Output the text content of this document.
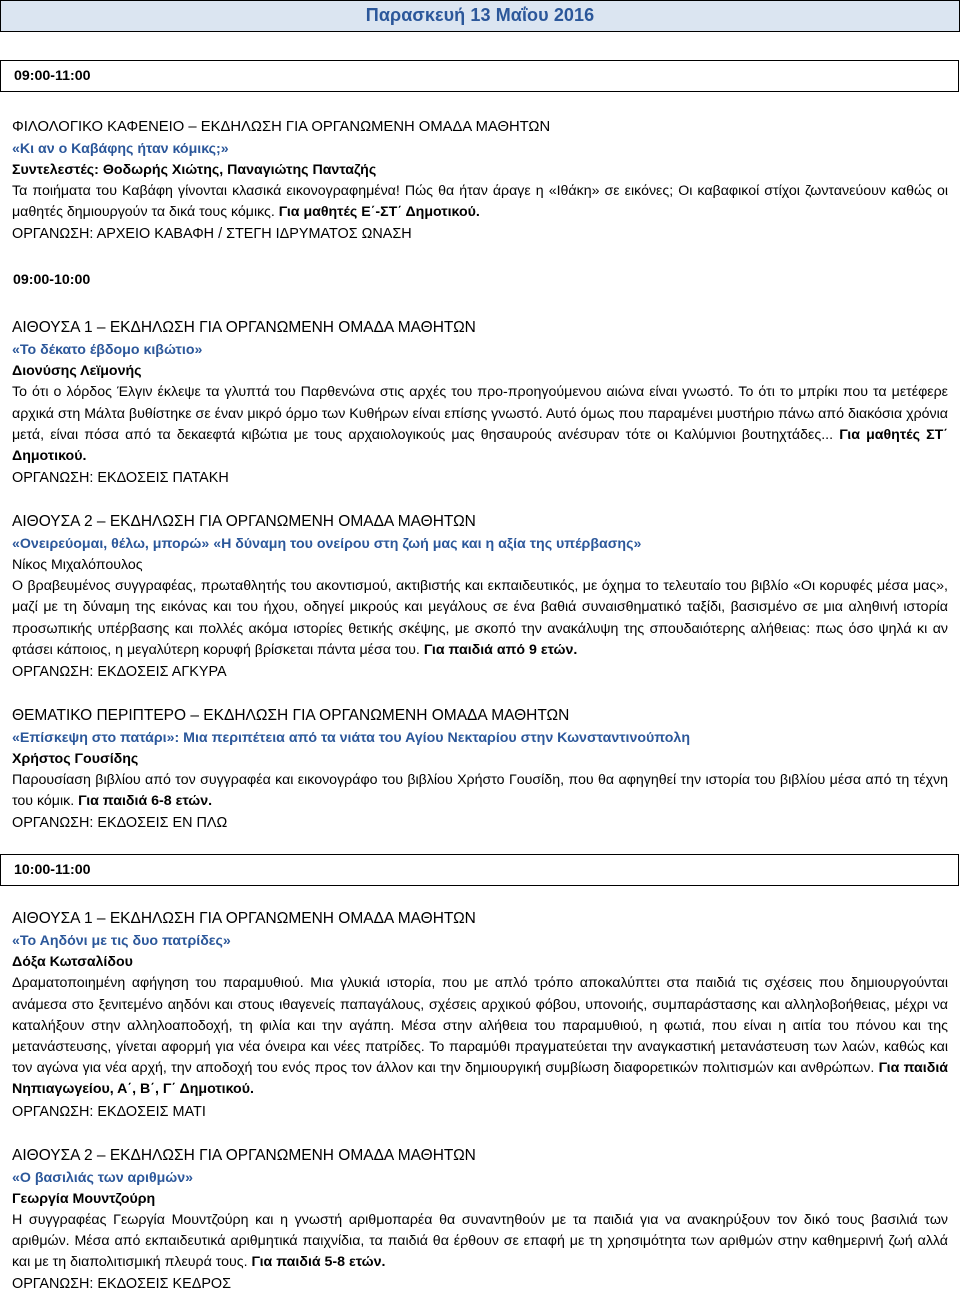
Παρασκευή 13 Μαΐου 2016
09:00-11:00
ΦΙΛΟΛΟΓΙΚΟ ΚΑΦΕΝΕΙΟ – ΕΚΔΗΛΩΣΗ ΓΙΑ ΟΡΓΑΝΩΜΕΝΗ ΟΜΑΔΑ ΜΑΘΗΤΩΝ
«Κι αν ο Καβάφης ήταν κόμικς;»
Συντελεστές: Θοδωρής Χιώτης, Παναγιώτης Πανταζής
Τα ποιήματα του Καβάφη γίνονται κλασικά εικονογραφημένα! Πώς θα ήταν άραγε η «Ιθάκη» σε εικόνες; Οι καβαφικοί στίχοι ζωντανεύουν καθώς οι μαθητές δημιουργούν τα δικά τους κόμικς. Για μαθητές Ε΄-ΣΤ΄ Δημοτικού.
ΟΡΓΑΝΩΣΗ: ΑΡΧΕΙΟ ΚΑΒΑΦΗ / ΣΤΕΓΗ ΙΔΡΥΜΑΤΟΣ ΩΝΑΣΗ
09:00-10:00
ΑΙΘΟΥΣΑ 1 – ΕΚΔΗΛΩΣΗ ΓΙΑ ΟΡΓΑΝΩΜΕΝΗ ΟΜΑΔΑ ΜΑΘΗΤΩΝ
«Το δέκατο έβδομο κιβώτιο»
Διονύσης Λεϊμονής
Το ότι ο λόρδος Έλγιν έκλεψε τα γλυπτά του Παρθενώνα στις αρχές του προ-προηγούμενου αιώνα είναι γνωστό. Το ότι το μπρίκι που τα μετέφερε αρχικά στη Μάλτα βυθίστηκε σε έναν μικρό όρμο των Κυθήρων είναι επίσης γνωστό. Αυτό όμως που παραμένει μυστήριο πάνω από διακόσια χρόνια μετά, είναι πόσα από τα δεκαεφτά κιβώτια με τους αρχαιολογικούς μας θησαυρούς ανέσυραν τότε οι Καλύμνιοι βουτηχτάδες... Για μαθητές ΣΤ΄ Δημοτικού.
ΟΡΓΑΝΩΣΗ: ΕΚΔΟΣΕΙΣ ΠΑΤΑΚΗ
ΑΙΘΟΥΣΑ 2 – ΕΚΔΗΛΩΣΗ ΓΙΑ ΟΡΓΑΝΩΜΕΝΗ ΟΜΑΔΑ ΜΑΘΗΤΩΝ
«Ονειρεύομαι, θέλω, μπορώ» «Η δύναμη του ονείρου στη ζωή μας και η αξία της υπέρβασης»
Νίκος Μιχαλόπουλος
Ο βραβευμένος συγγραφέας, πρωταθλητής του ακοντισμού, ακτιβιστής και εκπαιδευτικός, με όχημα το τελευταίο του βιβλίο «Οι κορυφές μέσα μας», μαζί με τη δύναμη της εικόνας και του ήχου, οδηγεί μικρούς και μεγάλους σε ένα βαθιά συναισθηματικό ταξίδι, βασισμένο σε μια αληθινή ιστορία προσωπικής υπέρβασης και πολλές ακόμα ιστορίες θετικής σκέψης, με σκοπό την ανακάλυψη της σπουδαιότερης αλήθειας: πως όσο ψηλά κι αν φτάσει κάποιος, η μεγαλύτερη κορυφή βρίσκεται πάντα μέσα του. Για παιδιά από 9 ετών.
ΟΡΓΑΝΩΣΗ: ΕΚΔΟΣΕΙΣ ΑΓΚΥΡΑ
ΘΕΜΑΤΙΚΟ ΠΕΡΙΠΤΕΡΟ – ΕΚΔΗΛΩΣΗ ΓΙΑ ΟΡΓΑΝΩΜΕΝΗ ΟΜΑΔΑ ΜΑΘΗΤΩΝ
«Επίσκεψη στο πατάρι»: Μια περιπέτεια από τα νιάτα του Αγίου Νεκταρίου στην Κωνσταντινούπολη
Χρήστος Γουσίδης
Παρουσίαση βιβλίου από τον συγγραφέα και εικονογράφο του βιβλίου Χρήστο Γουσίδη, που θα αφηγηθεί την ιστορία του βιβλίου μέσα από τη τέχνη του κόμικ. Για παιδιά 6-8 ετών.
ΟΡΓΑΝΩΣΗ: ΕΚΔΟΣΕΙΣ ΕΝ ΠΛΩ
10:00-11:00
ΑΙΘΟΥΣΑ 1 – ΕΚΔΗΛΩΣΗ ΓΙΑ ΟΡΓΑΝΩΜΕΝΗ ΟΜΑΔΑ ΜΑΘΗΤΩΝ
«Το Αηδόνι με τις δυο πατρίδες»
Δόξα Κωτσαλίδου
Δραματοποιημένη αφήγηση του παραμυθιού. Μια γλυκιά ιστορία, που με απλό τρόπο αποκαλύπτει στα παιδιά τις σχέσεις που δημιουργούνται ανάμεσα στο ξενιτεμένο αηδόνι και στους ιθαγενείς παπαγάλους, σχέσεις αρχικού φόβου, υπονοιής, συμπαράστασης και αλληλοβοήθειας, μέχρι να καταλήξουν στην αλληλοαποδοχή, τη φιλία και την αγάπη. Μέσα στην αλήθεια του παραμυθιού, η φωτιά, που είναι η αιτία του πόνου και της μετανάστευσης, γίνεται αφορμή για νέα όνειρα και νέες πατρίδες. Το παραμύθι πραγματεύεται την αναγκαστική μετανάστευση των λαών, καθώς και τον αγώνα για νέα αρχή, την αποδοχή του ενός προς τον άλλον και την δημιουργική συμβίωση διαφορετικών πολιτισμών και ανθρώπων. Για παιδιά Νηπιαγωγείου, Α΄, Β΄, Γ΄ Δημοτικού.
ΟΡΓΑΝΩΣΗ: ΕΚΔΟΣΕΙΣ ΜΑΤΙ
ΑΙΘΟΥΣΑ 2 – ΕΚΔΗΛΩΣΗ ΓΙΑ ΟΡΓΑΝΩΜΕΝΗ ΟΜΑΔΑ ΜΑΘΗΤΩΝ
«Ο βασιλιάς των αριθμών»
Γεωργία Μουντζούρη
Η συγγραφέας Γεωργία Μουντζούρη και η γνωστή αριθμοπαρέα θα συναντηθούν με τα παιδιά για να ανακηρύξουν τον δικό τους βασιλιά των αριθμών. Μέσα από εκπαιδευτικά αριθμητικά παιχνίδια, τα παιδιά θα έρθουν σε επαφή με τη χρησιμότητα των αριθμών στην καθημερινή ζωή αλλά και με τη διαπολιτισμική πλευρά τους. Για παιδιά 5-8 ετών.
ΟΡΓΑΝΩΣΗ: ΕΚΔΟΣΕΙΣ ΚΕΔΡΟΣ
